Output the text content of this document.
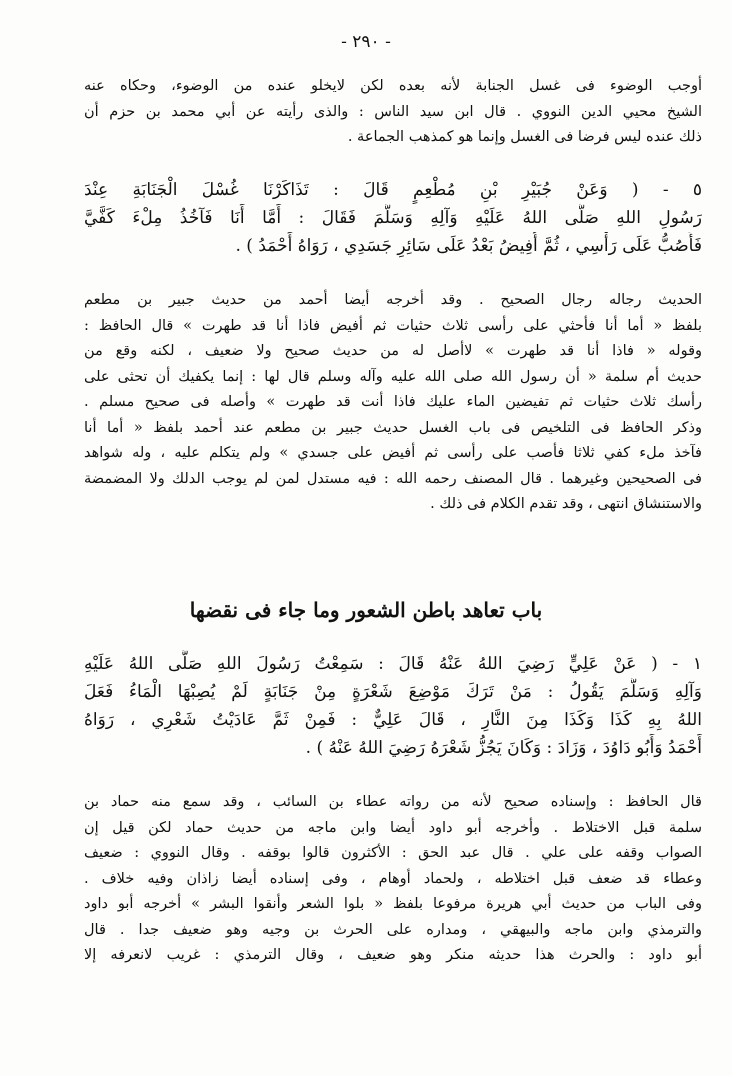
- ٢٩٠ -
أوجب الوضوء فى غسل الجنابة لأنه بعده لكن لايخلو عنده من الوضوء، وحكاه عنه
الشيخ محيي الدين النووي . قال ابن سيد الناس : والذى رأيته عن أبي محمد بن حزم أن
ذلك عنده ليس فرضا فى الغسل وإنما هو كمذهب الجماعة .
٥ - ( وَعَنْ جُبَيْرِ بْنِ مُطْعِمٍ قَالَ : تَذَاكَرْنَا غُسْلَ الْجَنَابَةِ عِنْدَ
رَسُولِ اللهِ صَلَّى اللهُ عَلَيْهِ وَآلِهِ وَسَلَّمَ فَقَالَ : أَمَّا أَنَا فَآخُذُ مِلْءَ كَفَّيَّ
فَأَصُبُّ عَلَى رَأْسِي ، ثُمَّ أُفِيضُ بَعْدُ عَلَى سَائِرِ جَسَدِي ، رَوَاهُ أَحْمَدُ ) .
الحديث رجاله رجال الصحيح . وقد أخرجه أيضا أحمد من حديث جبير بن مطعم
بلفظ « أما أنا فأحثي على رأسى ثلاث حثيات ثم أفيض فاذا أنا قد طهرت » قال الحافظ :
وقوله « فاذا أنا قد طهرت » لاأصل له من حديث صحيح ولا ضعيف ، لكنه وقع من
حديث أم سلمة « أن رسول الله صلى الله عليه وآله وسلم قال لها : إنما يكفيك أن تحثى على
رأسك ثلاث حثيات ثم تفيضين الماء عليك فاذا أنت قد طهرت » وأصله فى صحيح مسلم .
وذكر الحافظ فى التلخيص فى باب الغسل حديث جبير بن مطعم عند أحمد بلفظ « أما أنا
فآخذ ملء كفي ثلاثا فأصب على رأسى ثم أفيض على جسدي » ولم يتكلم عليه ، وله شواهد
فى الصحيحين وغيرهما . قال المصنف رحمه الله : فيه مستدل لمن لم يوجب الدلك ولا المضمضة
والاستنشاق انتهى ، وقد تقدم الكلام فى ذلك .
باب تعاهد باطن الشعور وما جاء فى نقضها
١ - ( عَنْ عَلِيٍّ رَضِيَ اللهُ عَنْهُ قَالَ : سَمِعْتُ رَسُولَ اللهِ صَلَّى اللهُ عَلَيْهِ
وَآلِهِ وَسَلَّمَ يَقُولُ : مَنْ تَرَكَ مَوْضِعَ شَعْرَةٍ مِنْ جَنَابَةٍ لَمْ يُصِبْهَا الْمَاءُ فَعَلَ
اللهُ بِهِ كَذَا وَكَذَا مِنَ النَّارِ ، قَالَ عَلِيٌّ : فَمِنْ ثَمَّ عَادَيْتُ شَعْرِي ، رَوَاهُ
أَحْمَدُ وَأَبُو دَاوُدَ ، وَزَادَ : وَكَانَ يَجُزُّ شَعْرَهُ رَضِيَ اللهُ عَنْهُ ) .
قال الحافظ : وإسناده صحيح لأنه من رواته عطاء بن السائب ، وقد سمع منه حماد بن
سلمة قبل الاختلاط . وأخرجه أبو داود أيضا وابن ماجه من حديث حماد لكن قيل إن
الصواب وقفه على علي . قال عبد الحق : الأكثرون قالوا بوقفه . وقال النووي : ضعيف
وعطاء قد ضعف قبل اختلاطه ، ولحماد أوهام ، وفى إسناده أيضا زاذان وفيه خلاف .
وفى الباب من حديث أبي هريرة مرفوعا بلفظ « بلوا الشعر وأنقوا البشر » أخرجه أبو داود
والترمذي وابن ماجه والبيهقي ، ومداره على الحرث بن وجيه وهو ضعيف جدا . قال
أبو داود : والحرث هذا حديثه منكر وهو ضعيف ، وقال الترمذي : غريب لانعرفه إلا
